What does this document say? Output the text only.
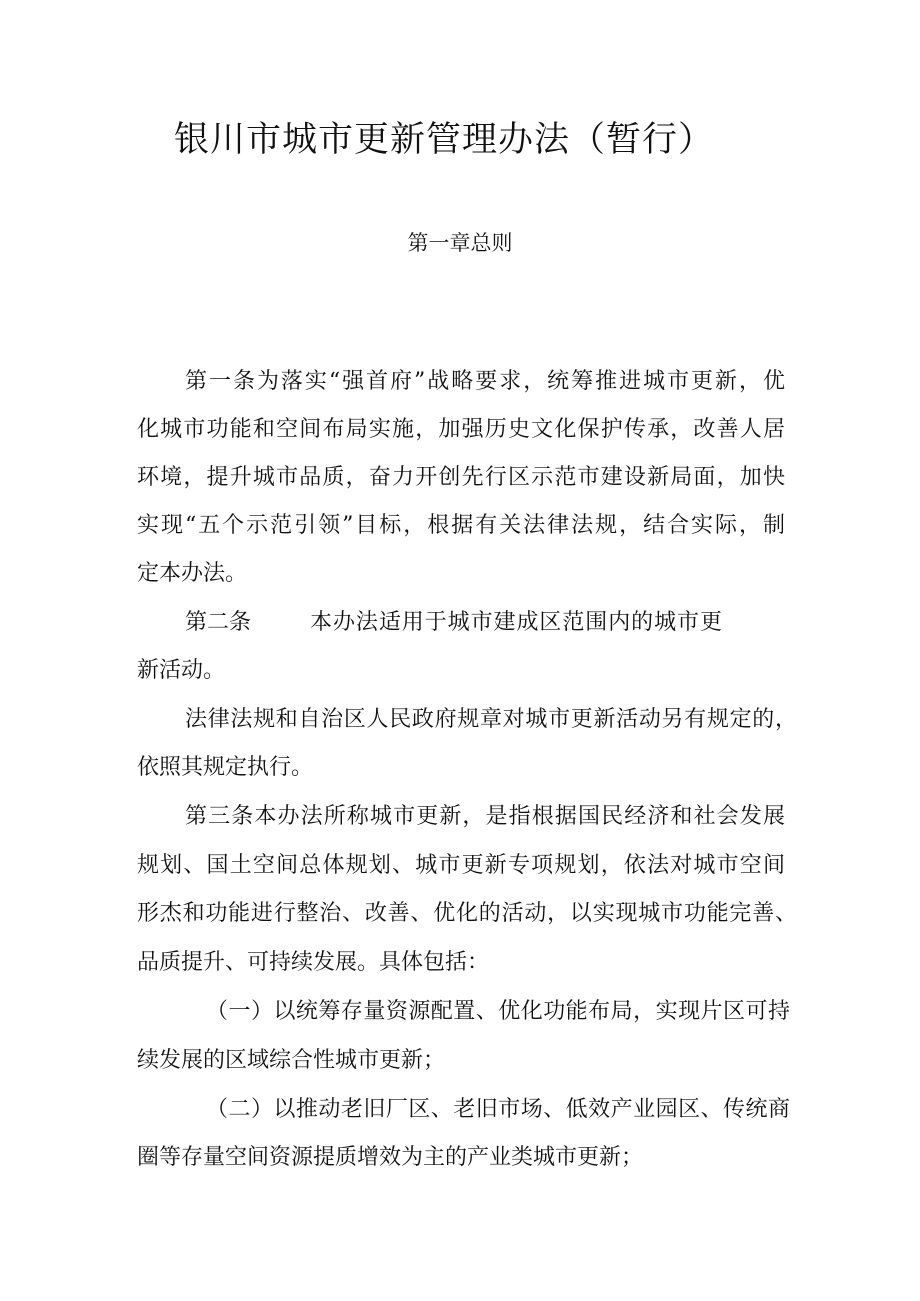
银川市城市更新管理办法（暂行）
第一章总则

第一条为落实“强首府”战略要求，统筹推进城市更新，优

化城市功能和空间布局实施，加强历史文化保护传承，改善人居

环境，提升城市品质，奋力开创先行区示范市建设新局面，加快

实现“五个示范引领”目标，根据有关法律法规，结合实际，制

定本办法。

第二条	本办法适用于城市建成区范围内的城市更

新活动。

法律法规和自治区人民政府规章对城市更新活动另有规定的，

依照其规定执行。

第三条本办法所称城市更新，是指根据国民经济和社会发展

规划、国土空间总体规划、城市更新专项规划，依法对城市空间

形杰和功能进行整治、改善、优化的活动，以实现城市功能完善、

品质提升、可持续发展。具体包括：

（一）以统筹存量资源配置、优化功能布局，实现片区可持

续发展的区域综合性城市更新；

（二）以推动老旧厂区、老旧市场、低效产业园区、传统商

圈等存量空间资源提质增效为主的产业类城市更新；
